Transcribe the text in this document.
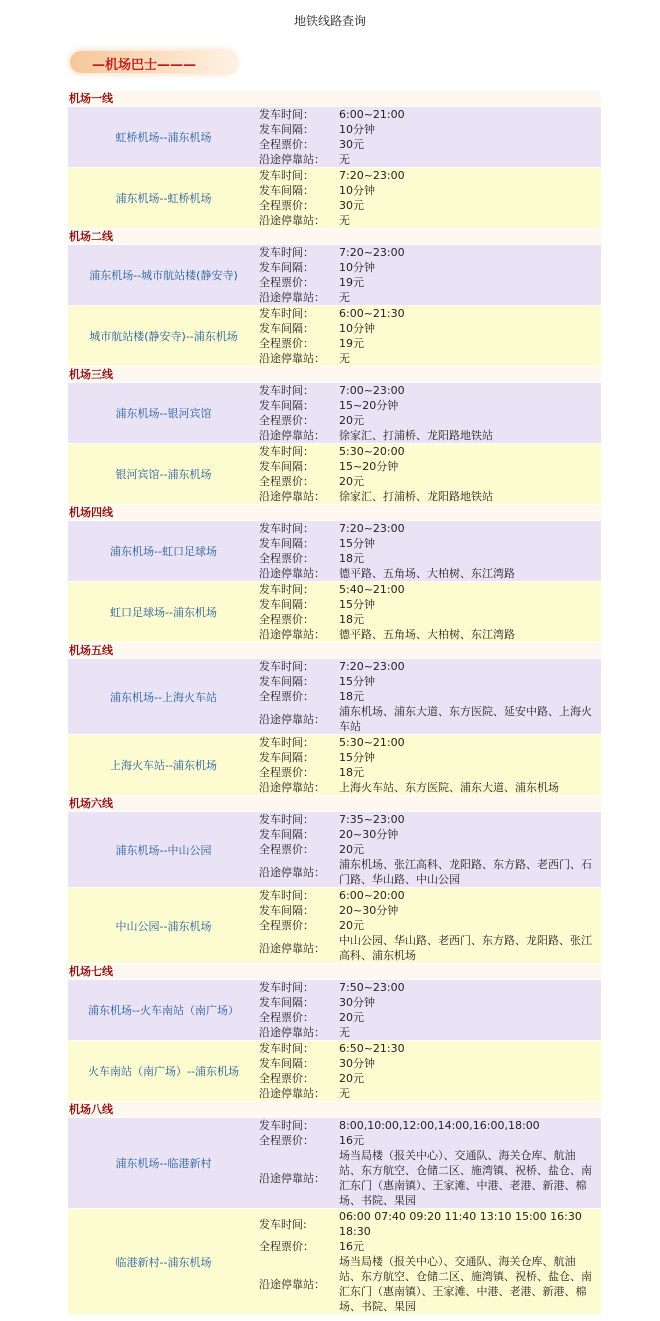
地铁线路查询
—机场巴士———
机场一线
虹桥机场--浦东机场
发车时间：	6:00~21:00
发车间隔：	10分钟
全程票价：	30元
沿途停靠站：	无
浦东机场--虹桥机场
发车时间：	7:20~23:00
发车间隔：	10分钟
全程票价：	30元
沿途停靠站：	无
机场二线
浦东机场--城市航站楼(静安寺)
发车时间：	7:20~23:00
发车间隔：	10分钟
全程票价：	19元
沿途停靠站：	无
城市航站楼(静安寺)--浦东机场
发车时间：	6:00~21:30
发车间隔：	10分钟
全程票价：	19元
沿途停靠站：	无
机场三线
浦东机场--银河宾馆
发车时间：	7:00~23:00
发车间隔：	15~20分钟
全程票价：	20元
沿途停靠站：	徐家汇、打浦桥、龙阳路地铁站
银河宾馆--浦东机场
发车时间：	5:30~20:00
发车间隔：	15~20分钟
全程票价：	20元
沿途停靠站：	徐家汇、打浦桥、龙阳路地铁站
机场四线
浦东机场--虹口足球场
发车时间：	7:20~23:00
发车间隔：	15分钟
全程票价：	18元
沿途停靠站：	德平路、五角场、大柏树、东江湾路
虹口足球场--浦东机场
发车时间：	5:40~21:00
发车间隔：	15分钟
全程票价：	18元
沿途停靠站：	德平路、五角场、大柏树、东江湾路
机场五线
浦东机场--上海火车站
发车时间：	7:20~23:00
发车间隔：	15分钟
全程票价：	18元
沿途停靠站：
浦东机场、浦东大道、东方医院、延安中路、上海火车站
上海火车站--浦东机场
发车时间：	5:30~21:00
发车间隔：	15分钟
全程票价：	18元
沿途停靠站：	上海火车站、东方医院、浦东大道、浦东机场
机场六线
浦东机场--中山公园
发车时间：	7:35~23:00
发车间隔：	20~30分钟
全程票价：	20元
沿途停靠站：
浦东机场、张江高科、龙阳路、东方路、老西门、石门路、华山路、中山公园
中山公园--浦东机场
发车时间：	6:00~20:00
发车间隔：	20~30分钟
全程票价：	20元
沿途停靠站：
中山公园、华山路、老西门、东方路、龙阳路、张江高科、浦东机场
机场七线
浦东机场--火车南站（南广场）
发车时间：	7:50~23:00
发车间隔：	30分钟
全程票价：	20元
沿途停靠站：	无
火车南站（南广场）--浦东机场
发车时间：	6:50~21:30
发车间隔：	30分钟
全程票价：	20元
沿途停靠站：	无
机场八线
浦东机场--临港新村
发车时间：	8:00,10:00,12:00,14:00,16:00,18:00
全程票价：	16元
沿途停靠站：
场当局楼（报关中心）、交通队、海关仓库、航油站、东方航空、仓储二区、施湾镇、祝桥、盐仓、南汇东门（惠南镇）、王家滩、中港、老港、新港、棉场、书院、果园
临港新村--浦东机场
发车时间:
06:00 07:40 09:20 11:40 13:10 15:00 16:30 18:30
全程票价：	16元
沿途停靠站：
场当局楼（报关中心）、交通队、海关仓库、航油站、东方航空、仓储二区、施湾镇、祝桥、盐仓、南汇东门（惠南镇）、王家滩、中港、老港、新港、棉场、书院、果园
